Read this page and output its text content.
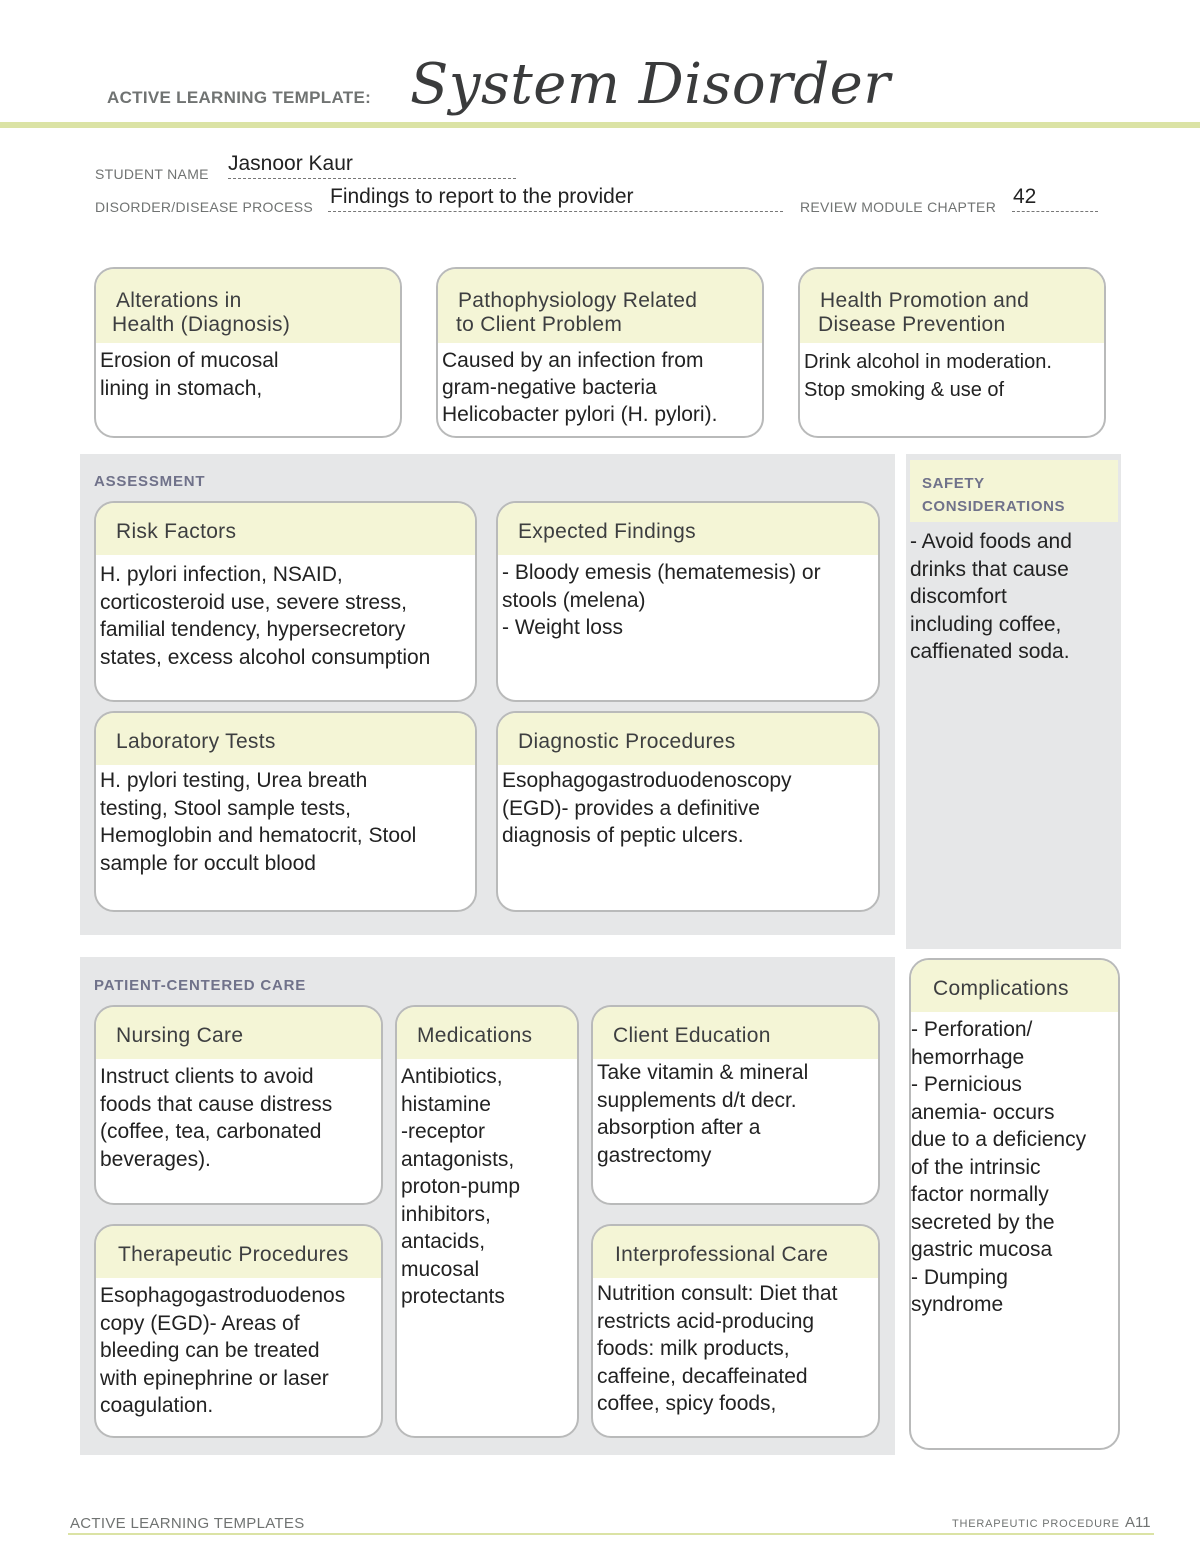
ACTIVE LEARNING TEMPLATE: System Disorder
STUDENT NAME Jasnoor Kaur
DISORDER/DISEASE PROCESS Findings to report to the provider	REVIEW MODULE CHAPTER 42
Alterations in
Health (Diagnosis)
Erosion of mucosal
lining in stomach,
Pathophysiology Related
to Client Problem
Caused by an infection from
gram-negative bacteria
Helicobacter pylori (H. pylori).
Health Promotion and
Disease Prevention
Drink alcohol in moderation.
Stop smoking & use of
ASSESSMENT
Risk Factors
H. pylori infection, NSAID,
corticosteroid use, severe stress,
familial tendency, hypersecretory
states, excess alcohol consumption
Expected Findings
- Bloody emesis (hematemesis) or
stools (melena)
- Weight loss
Laboratory Tests
H. pylori testing, Urea breath
testing, Stool sample tests,
Hemoglobin and hematocrit, Stool
sample for occult blood
Diagnostic Procedures
Esophagogastroduodenoscopy
(EGD)- provides a definitive
diagnosis of peptic ulcers.
SAFETY
CONSIDERATIONS
- Avoid foods and
drinks that cause
discomfort
including coffee,
caffienated soda.
PATIENT-CENTERED CARE
Nursing Care
Instruct clients to avoid
foods that cause distress
(coffee, tea, carbonated
beverages).
Medications
Antibiotics,
histamine
-receptor
antagonists,
proton-pump
inhibitors,
antacids,
mucosal
protectants
Client Education
Take vitamin & mineral
supplements d/t decr.
absorption after a
gastrectomy
Therapeutic Procedures
Esophagogastroduodenos
copy (EGD)- Areas of
bleeding can be treated
with epinephrine or laser
coagulation.
Interprofessional Care
Nutrition consult: Diet that
restricts acid-producing
foods: milk products,
caffeine, decaffeinated
coffee, spicy foods,
Complications
- Perforation/
hemorrhage
- Pernicious
anemia- occurs
due to a deficiency
of the intrinsic
factor normally
secreted by the
gastric mucosa
- Dumping
syndrome
ACTIVE LEARNING TEMPLATES	THERAPEUTIC PROCEDURE A11
